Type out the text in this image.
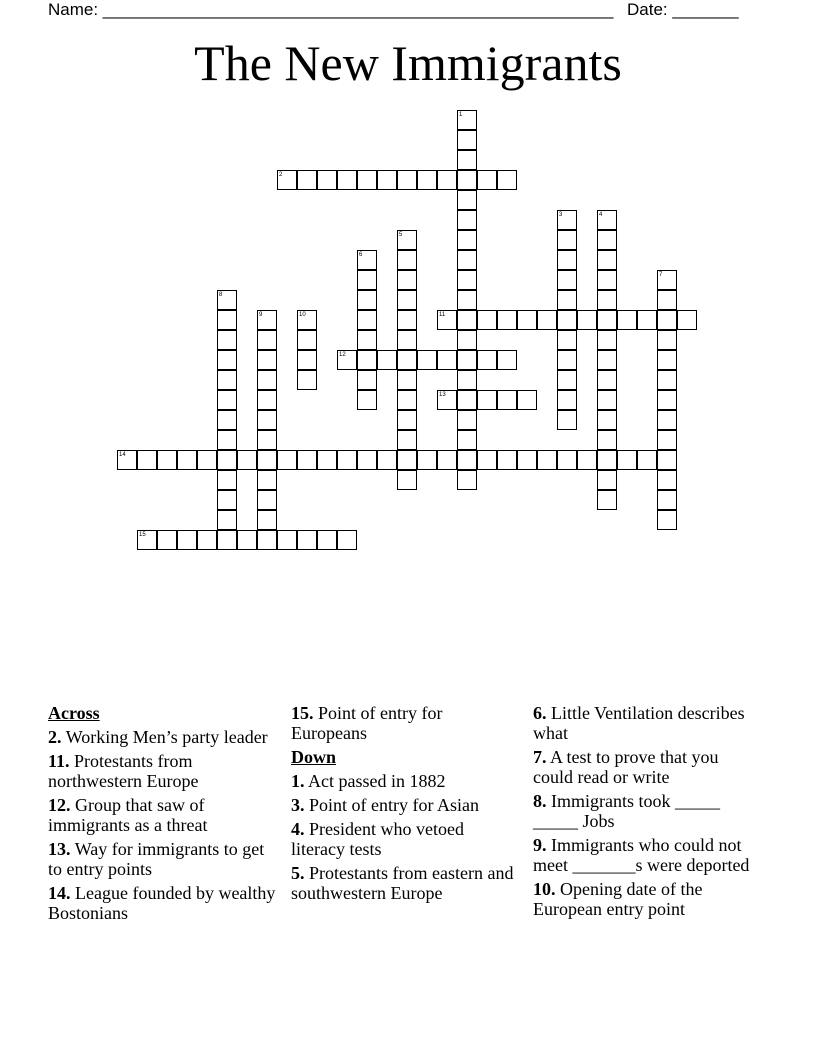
Name: ______________________________________________________ Date: _______
The New Immigrants
1
2
3	4
5
6
7
8
9	10	11
12
13
14
15
Across
2. Working Men’s party leader
11. Protestants from northwestern Europe
12. Group that saw of immigrants as a threat
13. Way for immigrants to get to entry points
14. League founded by wealthy Bostonians
15. Point of entry for Europeans
Down
1. Act passed in 1882
3. Point of entry for Asian
4. President who vetoed literacy tests
5. Protestants from eastern and southwestern Europe
6. Little Ventilation describes what
7. A test to prove that you could read or write
8. Immigrants took _____ _____ Jobs
9. Immigrants who could not meet _______s were deported
10. Opening date of the European entry point
